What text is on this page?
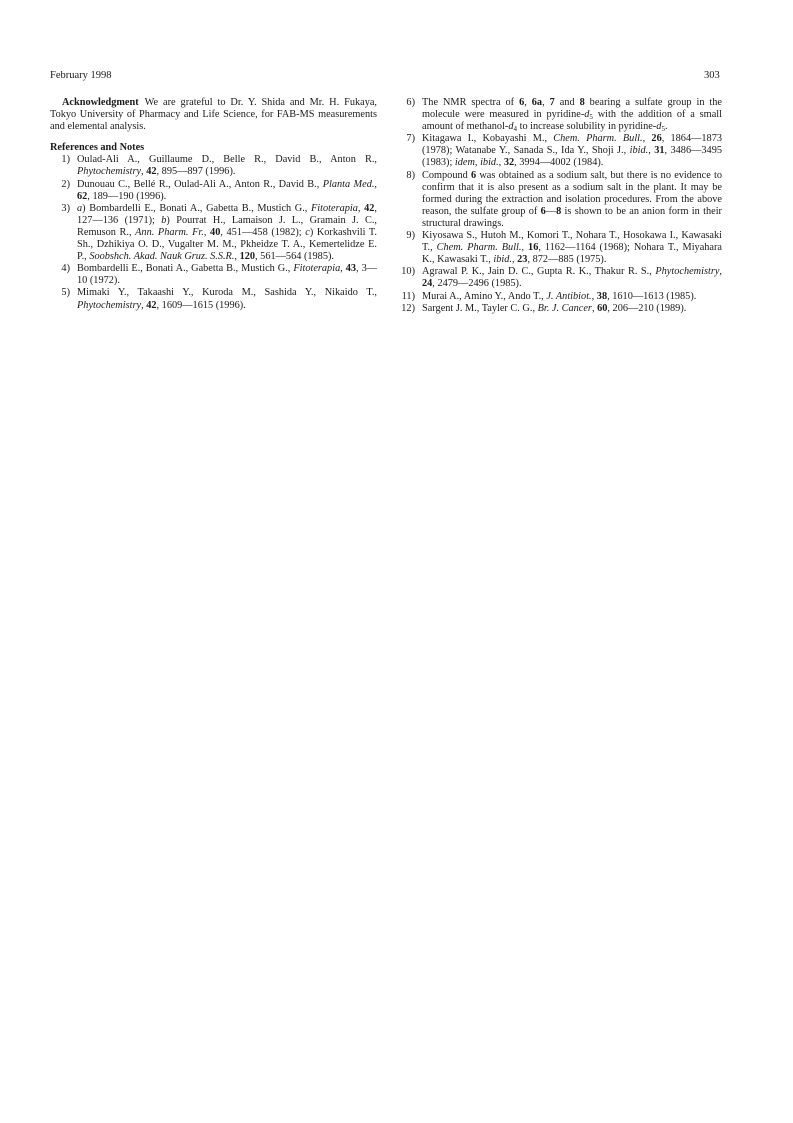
February 1998	303

Acknowledgment We are grateful to Dr. Y. Shida and Mr. H. Fukaya, Tokyo University of Pharmacy and Life Science, for FAB-MS measurements and elemental analysis.

References and Notes
1) Oulad-Ali A., Guillaume D., Belle R., David B., Anton R., Phytochemistry, 42, 895—897 (1996).
2) Dunouau C., Bellé R., Oulad-Ali A., Anton R., David B., Planta Med., 62, 189—190 (1996).
3) a) Bombardelli E., Bonati A., Gabetta B., Mustich G., Fitoterapia, 42, 127—136 (1971); b) Pourrat H., Lamaison J. L., Gramain J. C., Remuson R., Ann. Pharm. Fr., 40, 451—458 (1982); c) Korkashvili T. Sh., Dzhikiya O. D., Vugalter M. M., Pkheidze T. A., Kemertelidze E. P., Soobshch. Akad. Nauk Gruz. S.S.R., 120, 561—564 (1985).
4) Bombardelli E., Bonati A., Gabetta B., Mustich G., Fitoterapia, 43, 3—10 (1972).
5) Mimaki Y., Takaashi Y., Kuroda M., Sashida Y., Nikaido T., Phytochemistry, 42, 1609—1615 (1996).
6) The NMR spectra of 6, 6a, 7 and 8 bearing a sulfate group in the molecule were measured in pyridine-$d_5$ with the addition of a small amount of methanol-$d_4$ to increase solubility in pyridine-$d_5$.
7) Kitagawa I., Kobayashi M., Chem. Pharm. Bull., 26, 1864—1873 (1978); Watanabe Y., Sanada S., Ida Y., Shoji J., ibid., 31, 3486—3495 (1983); idem, ibid., 32, 3994—4002 (1984).
8) Compound 6 was obtained as a sodium salt, but there is no evidence to confirm that it is also present as a sodium salt in the plant. It may be formed during the extraction and isolation procedures. From the above reason, the sulfate group of 6—8 is shown to be an anion form in their structural drawings.
9) Kiyosawa S., Hutoh M., Komori T., Nohara T., Hosokawa I., Kawasaki T., Chem. Pharm. Bull., 16, 1162—1164 (1968); Nohara T., Miyahara K., Kawasaki T., ibid., 23, 872—885 (1975).
10) Agrawal P. K., Jain D. C., Gupta R. K., Thakur R. S., Phytochemistry, 24, 2479—2496 (1985).
11) Murai A., Amino Y., Ando T., J. Antibiot., 38, 1610—1613 (1985).
12) Sargent J. M., Tayler C. G., Br. J. Cancer, 60, 206—210 (1989).
